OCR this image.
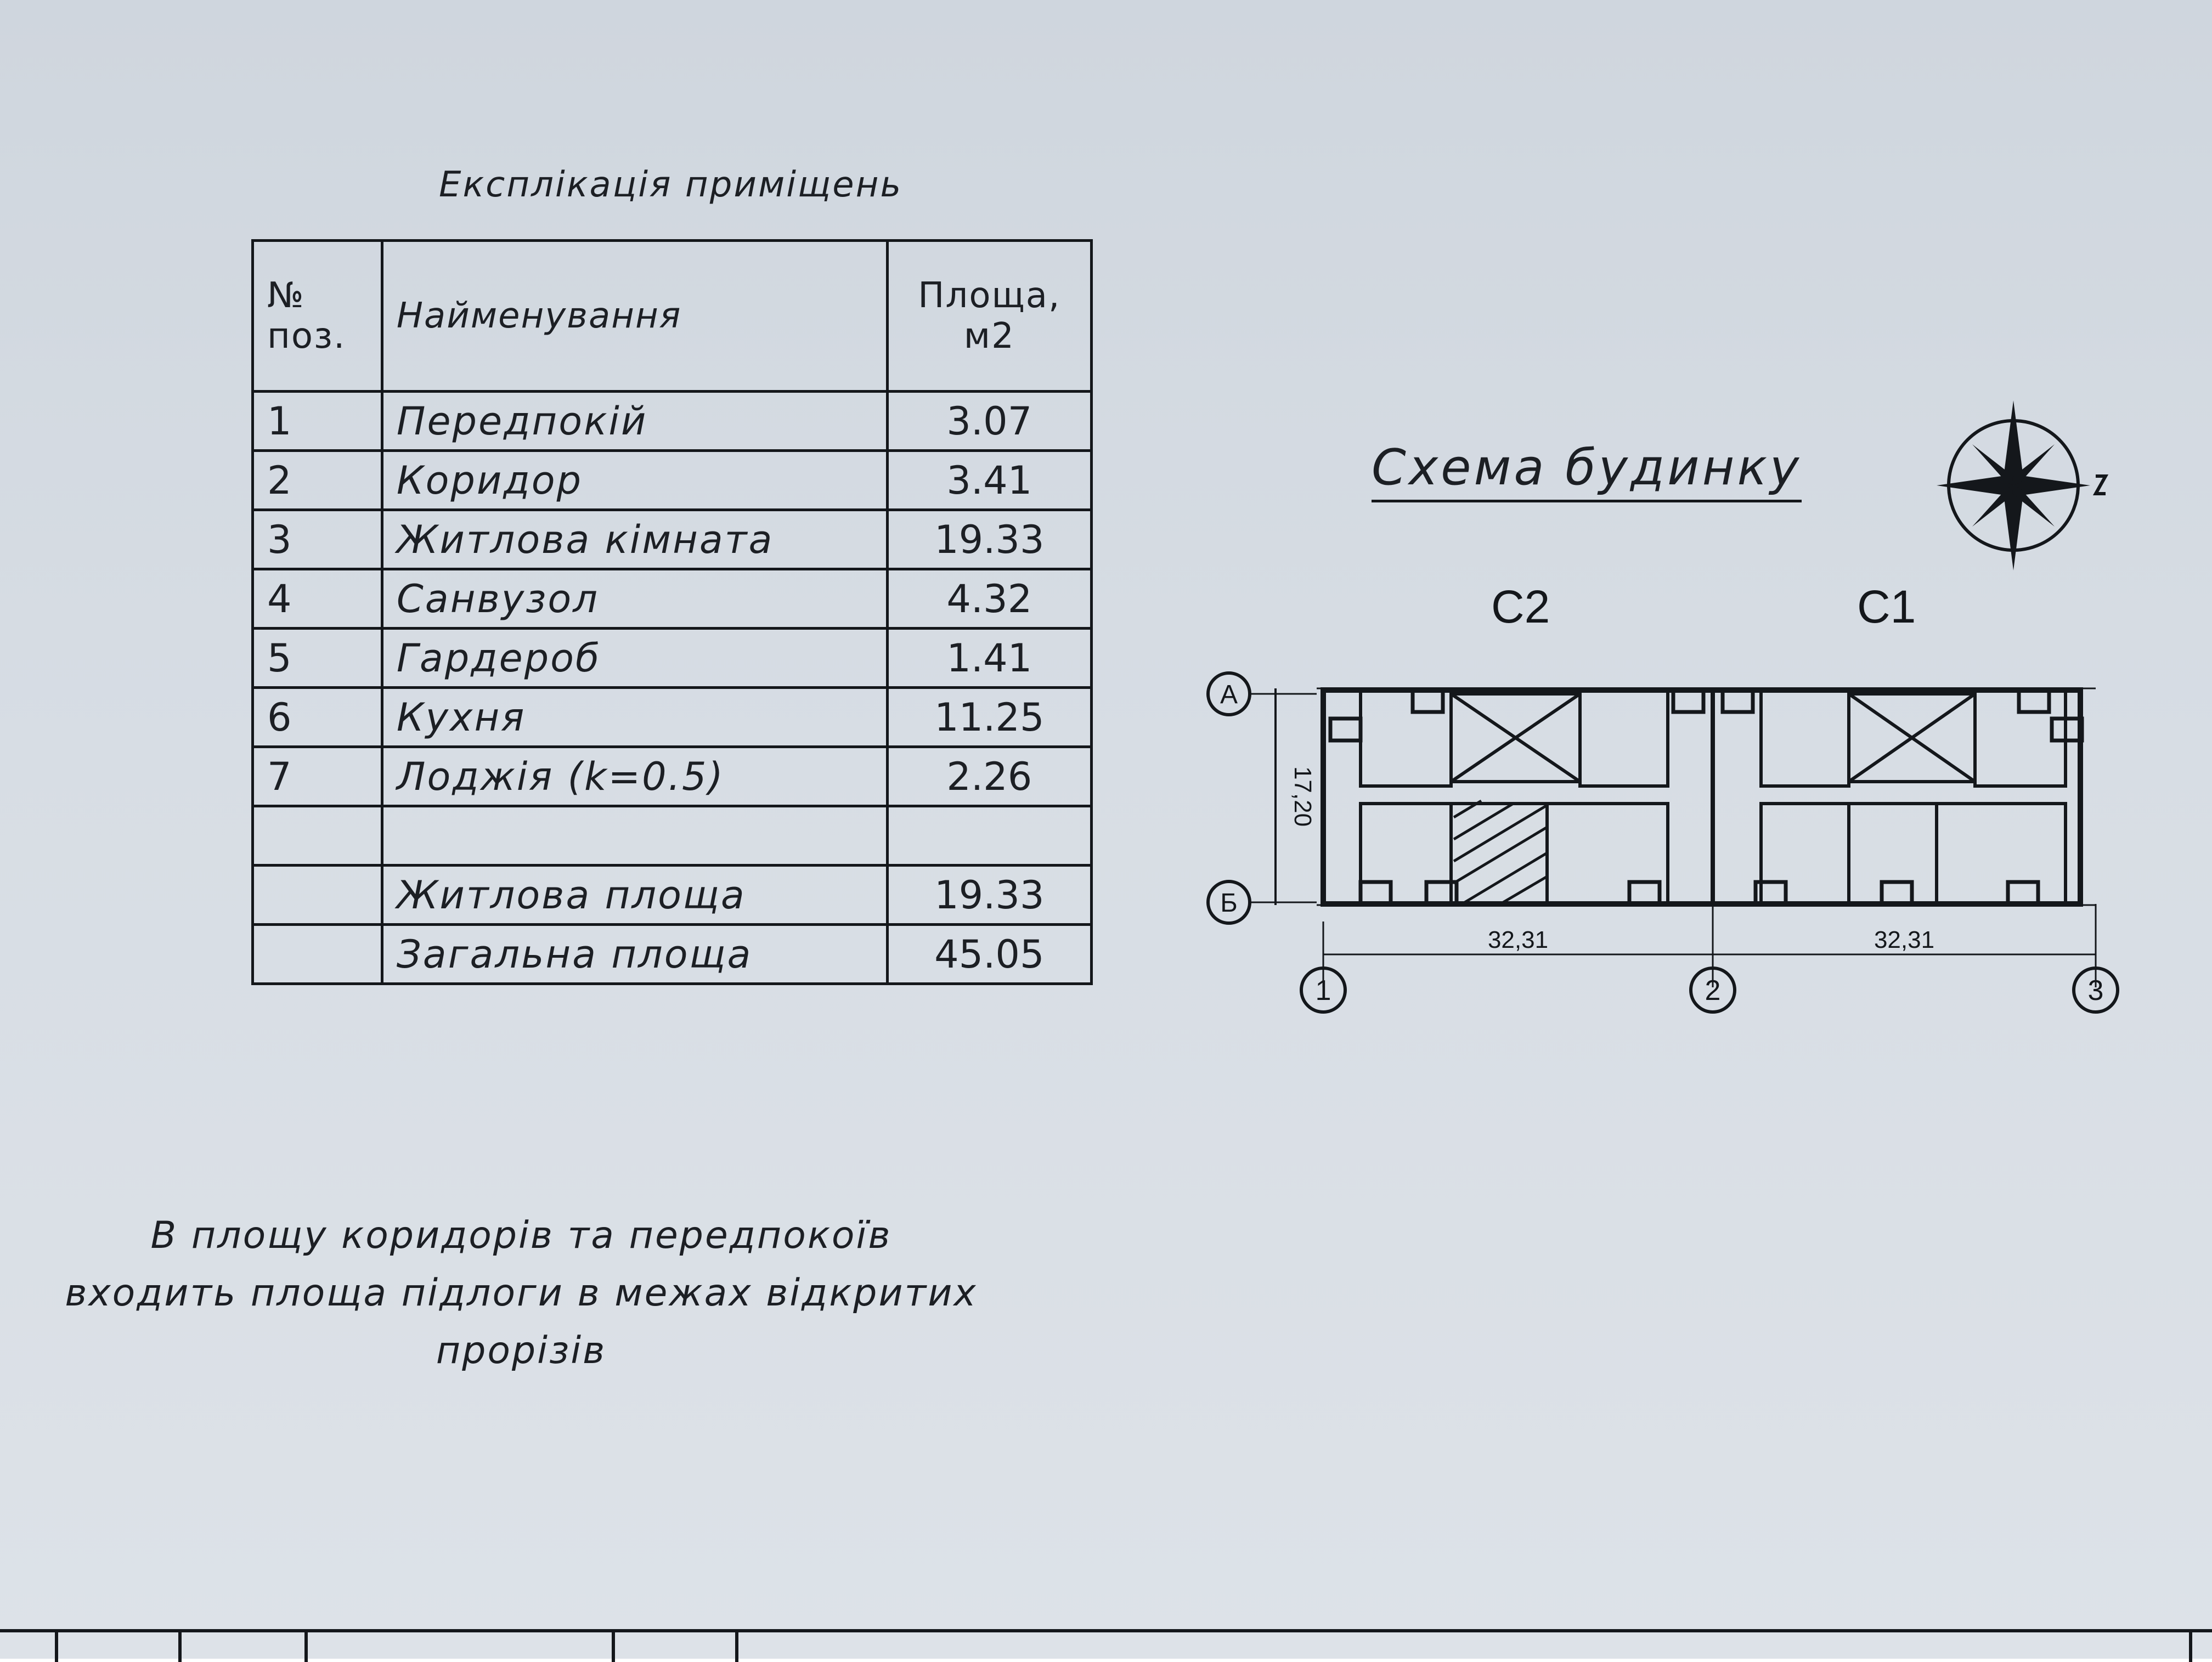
Експлікація приміщень
№ поз.	Найменування	Площа, м2
1	Передпокій	3.07
2	Коридор	3.41
3	Житлова кімната	19.33
4	Санвузол	4.32
5	Гардероб	1.41
6	Кухня	11.25
7	Лоджія (k=0.5)	2.26

	Житлова площа	19.33
	Загальна площа	45.05
В площу коридорів та передпокоїв
входить площа підлоги в межах відкритих
прорізів
Схема будинку
С2	С1
А
Б
1	2	3
32,31	32,31
17,20
